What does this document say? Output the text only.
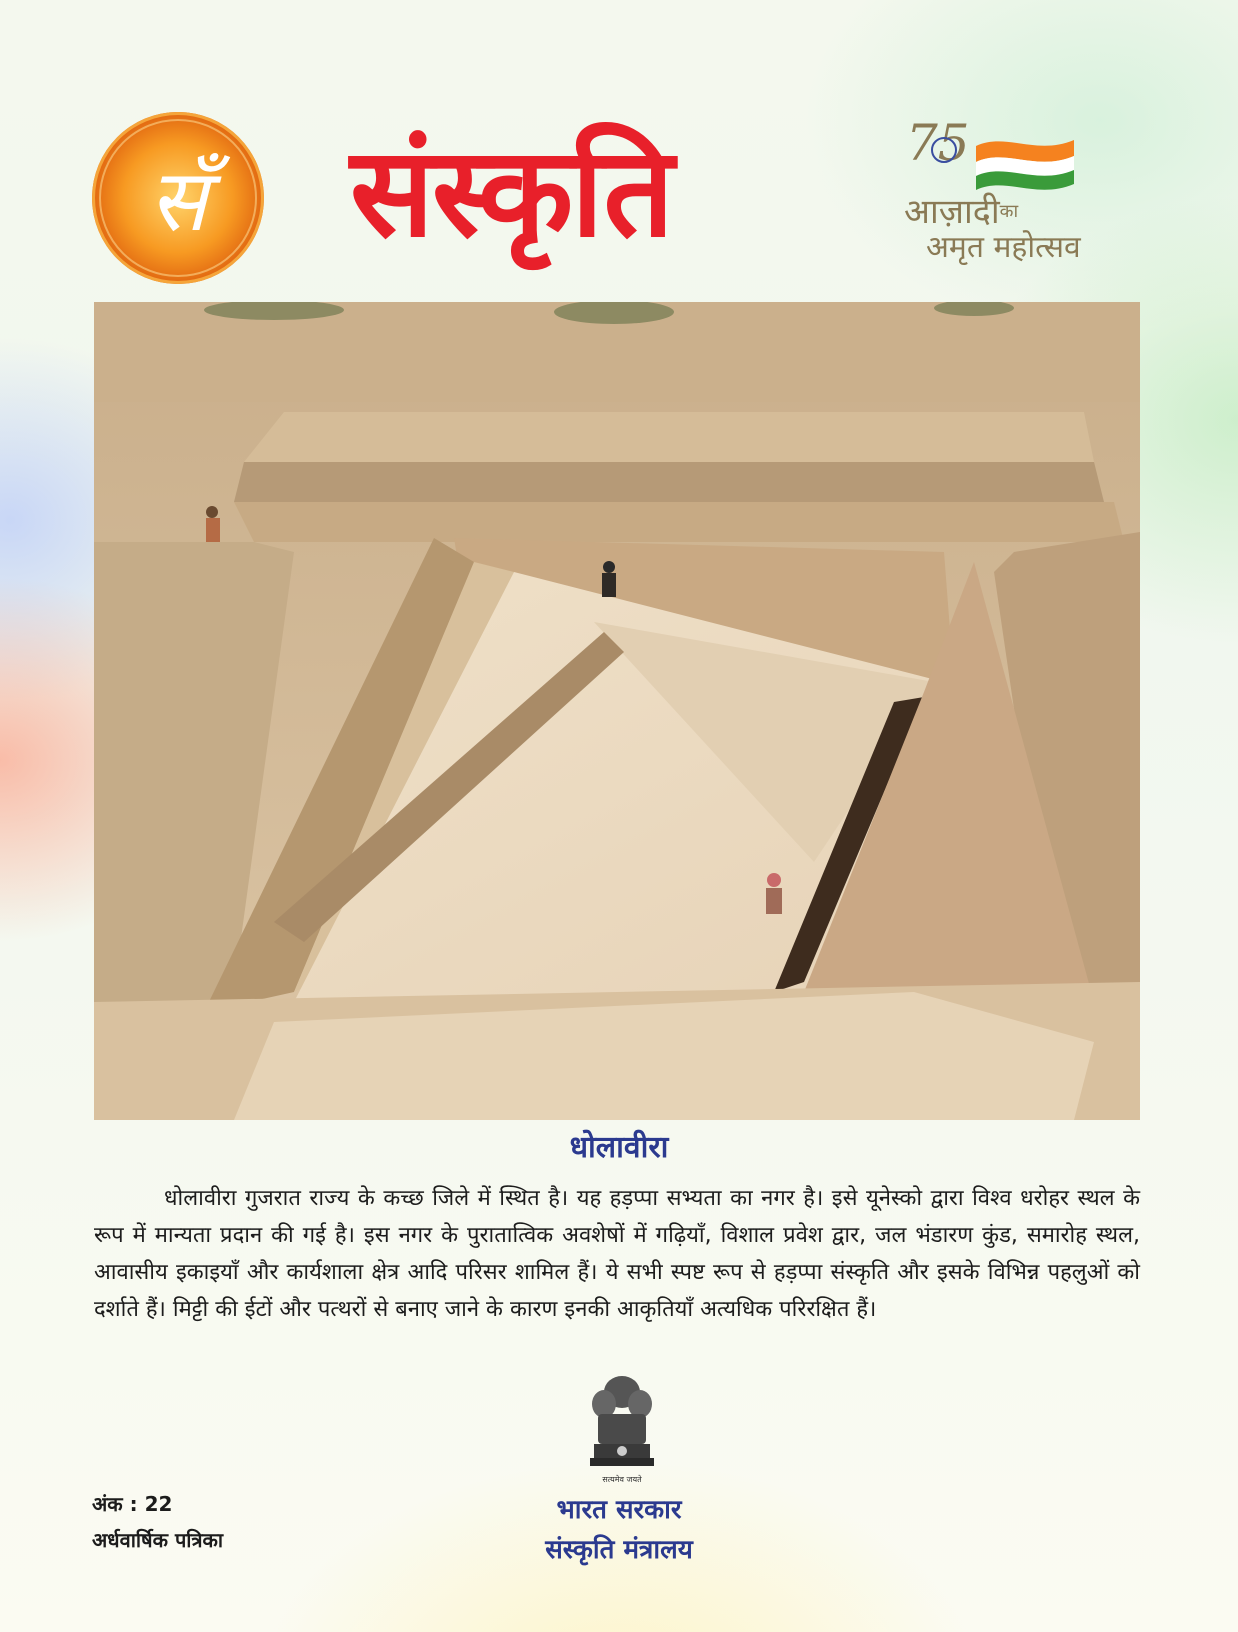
सँ संस्कृति	75
आज़ादी$^{का}$
अमृत महोत्सव
धोलावीरा
धोलावीरा गुजरात राज्य के कच्छ जिले में स्थित है। यह हड़प्पा सभ्यता का नगर है। इसे यूनेस्को द्वारा विश्व धरोहर स्थल के रूप में मान्यता प्रदान की गई है। इस नगर के पुरातात्विक अवशेषों में गढ़ियाँ, विशाल प्रवेश द्वार, जल भंडारण कुंड, समारोह स्थल, आवासीय इकाइयाँ और कार्यशाला क्षेत्र आदि परिसर शामिल हैं। ये सभी स्पष्ट रूप से हड़प्पा संस्कृति और इसके विभिन्न पहलुओं को दर्शाते हैं। मिट्टी की ईटों और पत्थरों से बनाए जाने के कारण इनकी आकृतियाँ अत्यधिक परिरक्षित हैं।
सत्यमेव जयते
अंक : 22
अर्धवार्षिक पत्रिका
भारत सरकार
संस्कृति मंत्रालय
